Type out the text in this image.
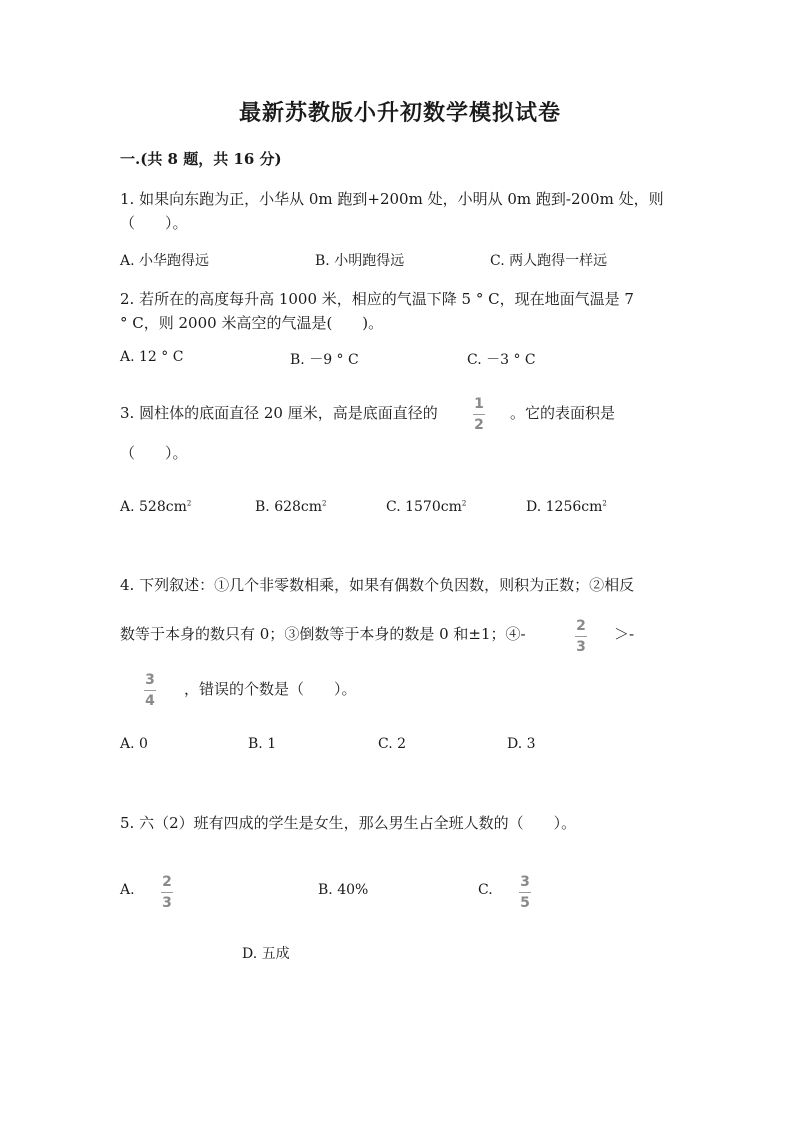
最新苏教版小升初数学模拟试卷
一.(共 8 题，共 16 分)
1. 如果向东跑为正，小华从 0m 跑到+200m 处，小明从 0m 跑到-200m 处，则
（　　）。
A. 小华跑得远	B. 小明跑得远	C. 两人跑得一样远
2. 若所在的高度每升高 1000 米，相应的气温下降 5 ° C，现在地面气温是 7
° C，则 2000 米高空的气温是(　　)。
A. 12 ° C	B. －9 ° C	C. －3 ° C
3. 圆柱体的底面直径 20 厘米，高是底面直径的	1
2
。它的表面积是
（　　）。
A. $528cm^2$	B. $628cm^2$	C. $1570cm^2$	D. $1256cm^2$
4. 下列叙述：①几个非零数相乘，如果有偶数个负因数，则积为正数；②相反
数等于本身的数只有 0；③倒数等于本身的数是 0 和±1；④-	2
3
＞-
3
4
，错误的个数是（　　）。
A. 0	B. 1	C. 2	D. 3
5. 六（2）班有四成的学生是女生，那么男生占全班人数的（　　）。
A. 2
3
B. 40%	C. 3
5
D. 五成
